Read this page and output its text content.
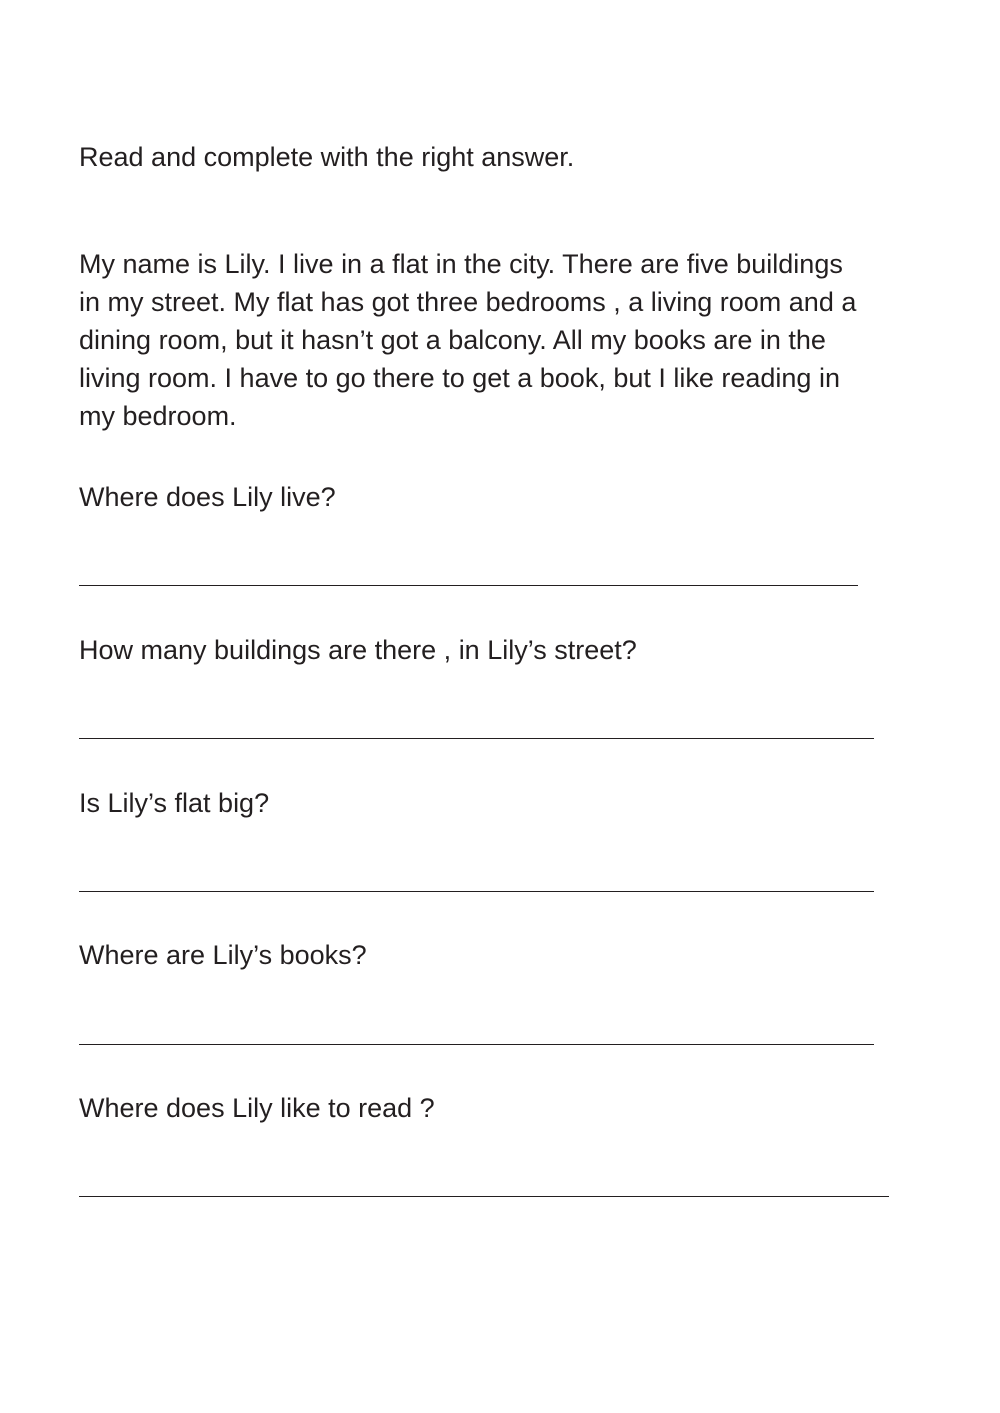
Read and complete with the right answer.
My name is Lily. I live in a flat in the city. There are five buildings
in my street. My flat has got three bedrooms , a living room and a
dining room, but it hasn’t got a balcony. All my books are in the
living room. I have to go there to get a book, but I like reading in
my bedroom.
Where does Lily live?
How many buildings are there , in Lily’s street?
Is Lily’s flat big?
Where are Lily’s books?
Where does Lily like to read ?
